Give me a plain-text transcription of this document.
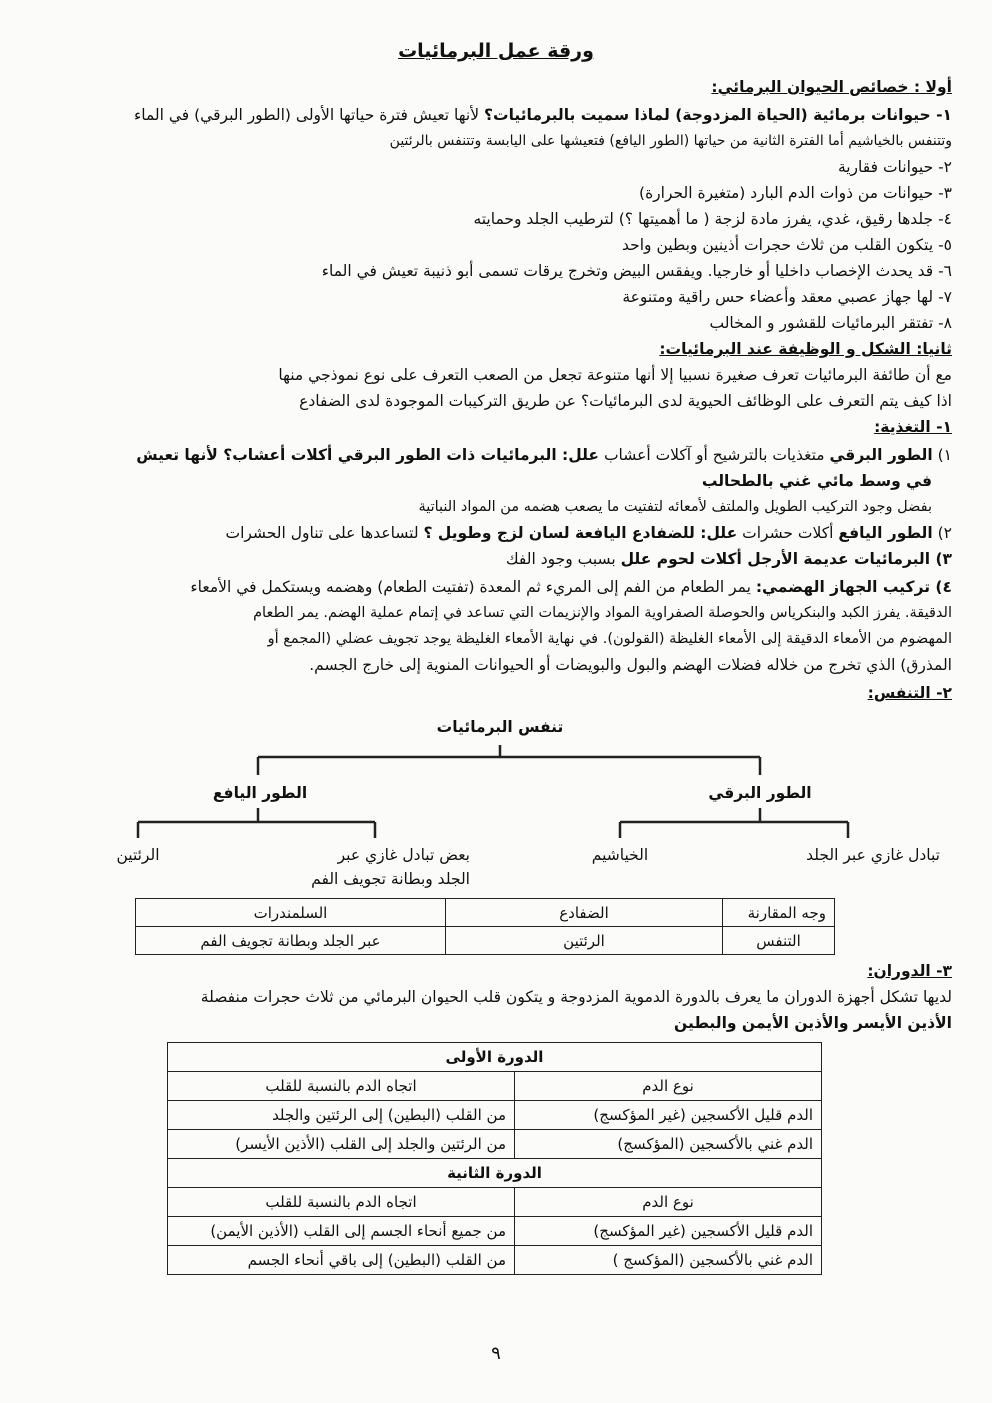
ورقة عمل البرمائيات
أولا : خصائص الحيوان البرمائي:
١- حيوانات برمائية (الحياة المزدوجة) لماذا سميت بالبرمائيات؟ لأنها تعيش فترة حياتها الأولى (الطور البرقي) في الماء
وتتنفس بالخياشيم أما الفترة الثانية من حياتها (الطور اليافع) فتعيشها على اليابسة وتتنفس بالرئتين
٢- حيوانات فقارية
٣- حيوانات من ذوات الدم البارد (متغيرة الحرارة)
٤- جلدها رقيق، غدي، يفرز مادة لزجة ( ما أهميتها ؟) لترطيب الجلد وحمايته
٥- يتكون القلب من ثلاث حجرات أذينين وبطين واحد
٦- قد يحدث الإخصاب داخليا أو خارجيا. ويفقس البيض وتخرج يرقات تسمى أبو ذنيبة تعيش في الماء
٧- لها جهاز عصبي معقد وأعضاء حس راقية ومتنوعة
٨- تفتقر البرمائيات للقشور و المخالب
ثانيا: الشكل و الوظيفة عند البرمائيات:
مع أن طائفة البرمائيات تعرف صغيرة نسبيا إلا أنها متنوعة تجعل من الصعب التعرف على نوع نموذجي منها
اذا كيف يتم التعرف على الوظائف الحيوية لدى البرمائيات؟ عن طريق التركيبات الموجودة لدى الضفادع
١- التغذية:
١) الطور البرقي متغذيات بالترشيح أو آكلات أعشاب علل: البرمائيات ذات الطور البرقي أكلات أعشاب؟ لأنها تعيش
في وسط مائي غني بالطحالب
بفضل وجود التركيب الطويل والملتف لأمعائه لتفتيت ما يصعب هضمه من المواد النباتية
٢) الطور اليافع أكلات حشرات علل: للضفادع اليافعة لسان لزج وطويل ؟ لتساعدها على تناول الحشرات
٣) البرمائيات عديمة الأرجل أكلات لحوم علل بسبب وجود الفك
٤) تركيب الجهاز الهضمي: يمر الطعام من الفم إلى المريء ثم المعدة (تفتيت الطعام) وهضمه ويستكمل في الأمعاء
الدقيقة. يفرز الكبد والبنكرياس والحوصلة الصفراوية المواد والإنزيمات التي تساعد في إتمام عملية الهضم. يمر الطعام
المهضوم من الأمعاء الدقيقة إلى الأمعاء الغليظة (القولون). في نهاية الأمعاء الغليظة يوجد تجويف عضلي (المجمع أو
المذرق) الذي تخرج من خلاله فضلات الهضم والبول والبويضات أو الحيوانات المنوية إلى خارج الجسم.
٢- التنفس:
تنفس البرمائيات
الطور اليافع	الطور البرقي
الرئتين	بعض تبادل غازي عبر
الجلد وبطانة تجويف الفم
الخياشيم	تبادل غازي عبر الجلد
وجه المقارنة	الضفادع	السلمندرات
التنفس	الرئتين	عبر الجلد وبطانة تجويف الفم
٣- الدوران:
لديها تشكل أجهزة الدوران ما يعرف بالدورة الدموية المزدوجة و يتكون قلب الحيوان البرمائي من ثلاث حجرات منفصلة
الأذين الأيسر والأذين الأيمن والبطين
الدورة الأولى	
نوع الدم	اتجاه الدم بالنسبة للقلب
الدم قليل الأكسجين (غير المؤكسج)	من القلب (البطين) إلى الرئتين والجلد
الدم غني بالأكسجين (المؤكسج)	من الرئتين والجلد إلى القلب (الأذين الأيسر)
الدورة الثانية	
نوع الدم	اتجاه الدم بالنسبة للقلب
الدم قليل الأكسجين (غير المؤكسج)	من جميع أنحاء الجسم إلى القلب (الأذين الأيمن)
الدم غني بالأكسجين (المؤكسج )	من القلب (البطين) إلى باقي أنحاء الجسم
٩
